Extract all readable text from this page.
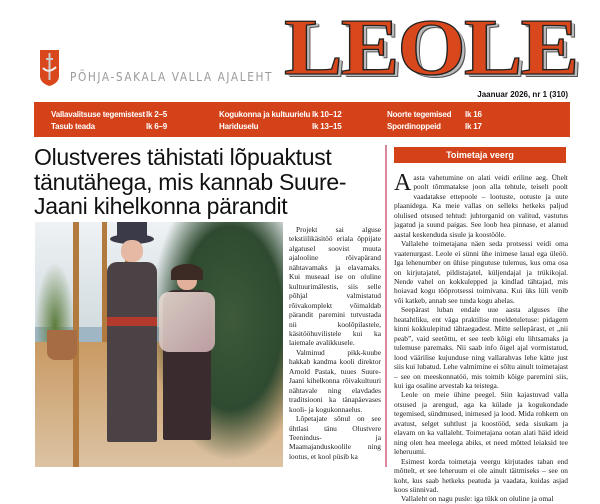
PÕHJA-SAKALA VALLA AJALEHT LEOLE
Jaanuar 2026, nr 1 (310)
Vallavalitsuse tegemistest lk 2–5
Tasub teada	lk 6–9
Kogukonna ja kultuurielu lk 10–12
Hariduselu	lk 13–15
Noorte tegemised lk 16
Spordinoppeid	lk 17
Olustveres tähistati lõpuaktust tänutähega, mis kannab Suure-Jaani kihelkonna pärandit

Projekt sai alguse tekstiilikäsitöö eriala õppijate algatusel soovist muuta ajalooline rõivapärand nähtavamaks ja elavamaks. Kui museaal ise on oluline kultuurimälestis, siis selle põhjal valmistatud rõivakomplekt võimaldab pärandit paremini tutvustada nii koolõpilastele, käsitööhuvilistele kui ka laiemale avalikkusele.

Valminud pikk-kuube hakkab kandma kooli direktor Arnold Pastak, tuues Suure-Jaani kihelkonna rõivakultuuri nähtavale ning elavdades traditsiooni ka tänapäevases kooli- ja kogukonnaelus.

Lõpetajate sõnul on see ühtlasi tänu Olustvere Teenindus- ja Maamajanduskoolile ning lootus, et kool püsib ka

Toimetaja veerg

Aasta vahetumine on alati veidi eriline aeg. Ühelt poolt tõmmatakse joon alla tehtule, teiselt poolt vaadatakse ettepoole – lootuste, ootuste ja uute plaanidega. Ka meie vallas on selleks hetkeks paljud olulised otsused tehtud: juhtorganid on valitud, vastutus jagatud ja suund paigas. See loob hea pinnase, et alanud aastal keskenduda sisule ja koostööle.

Vallalehe toimetajana näen seda protsessi veidi oma vaatenurgast. Leole ei sünni ühe inimese laual ega üleöö. Iga lehenumber on ühise pingutuse tulemus, kus oma osa on kirjutajatel, pildistajatel, küljendajal ja trükikojal. Nende vahel on kokkulepped ja kindlad tähtajad, mis hoiavad kogu tööprotsessi toimivana. Kui üks lüli venib või katkeb, annab see tunda kogu ahelas.

Seepärast luban endale uue aasta alguses ühe heatahtliku, ent väga praktilise meeldetuletuse: pidagem kinni kokkulepitud tähtaegadest. Mitte sellepärast, et „nii peab”, vaid seetõttu, et see teeb kõigi elu lihtsamaks ja tulemuse paremaks. Nii saab info õigel ajal vormistatud, lood väärilise kujunduse ning vallarahvas lehe kätte just siis kui lubatud. Lehe valmimine ei sõltu ainult toimetajast – see on meeskonnatöö, mis toimib kõige paremini siis, kui iga osaline arvestab ka teistega.

Leole on meie ühine peegel. Siin kajastuvad valla otsused ja arengud, aga ka külade ja kogukondade tegemised, sündmused, inimesed ja lood. Mida rohkem on avatust, selget suhtlust ja koostööd, seda sisukam ja elavam on ka vallaleht. Toimetajana ootan alati häid ideid ning olen hea meelega abiks, et need mõtted leiaksid tee leheruumi.

Esimest korda toimetaja veergu kirjutades taban end mõttelt, et see leheruum ei ole ainult täitmiseks – see on koht, kus saab hetkeks peatuda ja vaadata, kuidas asjad koos sünnivad.

Vallaleht on nagu pusle: iga tükk on oluline ja omal
